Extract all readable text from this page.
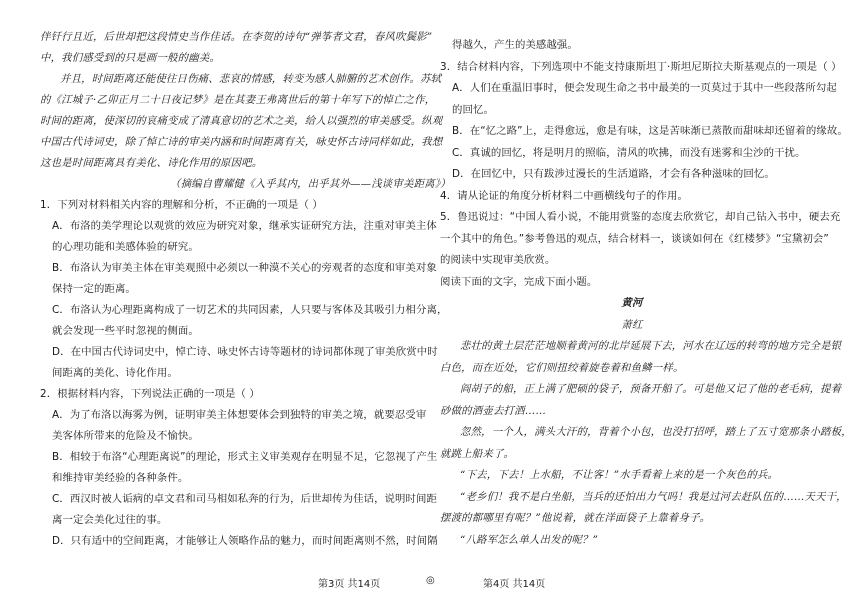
伴钎行且近，后世却把这段情史当作佳话。在李贺的诗句“弹筝者文君，春风吹鬓影”
中，我们感受到的只是画一般的幽美。
并且，时间距离还能使往日伤痛、悲哀的情感，转变为感人肺腑的艺术创作。苏轼
的《江城子·乙卯正月二十日夜记梦》是在其妻王弗离世后的第十年写下的悼亡之作，
时间的距离，使深切的哀痛变成了清真意切的艺术之美，给人以强烈的审美感受。纵观
中国古代诗词史，除了悼亡诗的审美内涵和时间距离有关，咏史怀古诗同样如此，我想
这也是时间距离具有美化、诗化作用的原因吧。
（摘编自曹耀健《入乎其内，出乎其外——浅谈审美距离》）
1．下列对材料相关内容的理解和分析，不正确的一项是（ ）
A．布洛的美学理论以观赏的效应为研究对象，继承实证研究方法，注重对审美主体
的心理功能和美感体验的研究。
B．布洛认为审美主体在审美观照中必须以一种漠不关心的旁观者的态度和审美对象
保持一定的距离。
C．布洛认为心理距离构成了一切艺术的共同因素，人只要与客体及其吸引力相分离，
就会发现一些平时忽视的侧面。
D．在中国古代诗词史中，悼亡诗、咏史怀古诗等题材的诗词都体现了审美欣赏中时
间距离的美化、诗化作用。
2．根据材料内容，下列说法正确的一项是（ ）
A．为了布洛以海雾为例，证明审美主体想要体会到独特的审美之境，就要忍受审
美客体所带来的危险及不愉快。
B．相较于布洛“心理距离说”的理论，形式主义审美观存在明显不足，它忽视了产生
和维持审美经验的各种条件。
C．西汉时被人诟病的卓文君和司马相如私奔的行为，后世却传为佳话，说明时间距
离一定会美化过往的事。
D．只有适中的空间距离，才能够让人领略作品的魅力，而时间距离则不然，时间隔
得越久，产生的美感越强。
3．结合材料内容，下列选项中不能支持康斯坦丁·斯坦尼斯拉夫斯基观点的一项是（ ）
A．人们在重温旧事时，便会发现生命之书中最美的一页莫过于其中一些段落所勾起
的回忆。
B．在“忆之路”上，走得愈远，愈是有味，这是苦味渐已蒸散而甜味却还留着的缘故。
C．真诚的回忆，将是明月的照临，清风的吹拂，而没有迷雾和尘沙的干扰。
D．在回忆中，只有跋涉过漫长的生活道路，才会有各种滋味的回忆。
4．请从论证的角度分析材料二中画横线句子的作用。
5．鲁迅说过：“中国人看小说，不能用赏鉴的态度去欣赏它，却自己钻入书中，硬去充
一个其中的角色。”参考鲁迅的观点，结合材料一，谈谈如何在《红楼梦》“宝黛初会”
的阅读中实现审美欣赏。
阅读下面的文字，完成下面小题。
黄河
萧红
悲壮的黄土层茫茫地顺着黄河的北岸延展下去，河水在辽远的转弯的地方完全是银
白色，而在近处，它们则扭绞着旋卷着和鱼鳞一样。
阎胡子的船，正上满了肥硕的袋子，预备开船了。可是他又记了他的老毛病，提着
砂做的酒壶去打酒……
忽然，一个人，满头大汗的，背着个小包，也没打招呼，踏上了五寸宽那条小踏板，
就跳上船来了。
“下去，下去！上水船，不让客！”水手看着上来的是一个灰色的兵。
“老乡们！我不是白坐船，当兵的还怕出力气吗！我是过河去赶队伍的……天天干，
摆渡的都哪里有呢？”他说着，就在洋面袋子上靠着身子。
“八路军怎么单人出发的呢？”
第3页 共14页	◎	第4页 共14页
